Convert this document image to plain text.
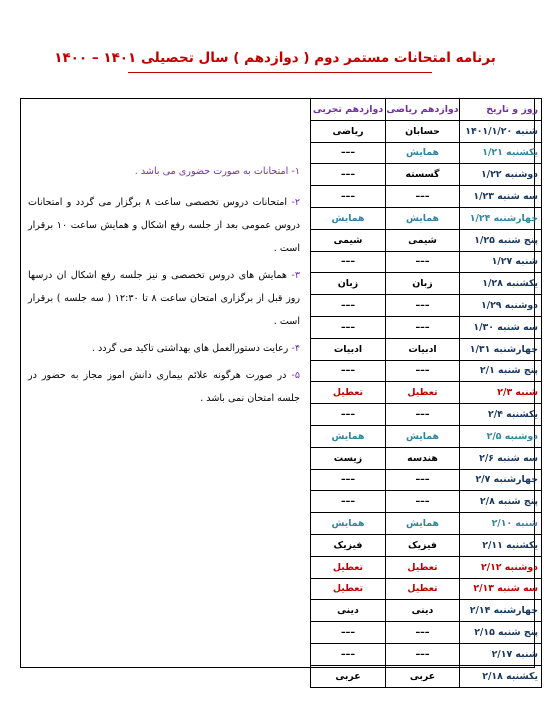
برنامه امتحانات مستمر دوم ( دوازدهم ) سال تحصیلی ۱۴۰۱ – ۱۴۰۰
روز و تاریخ	دوازدهم ریاضی	دوازدهم تجربی
شنبه ۱۴۰۱/۱/۲۰	حسابان	ریاضی
یکشنبه ۱/۲۱	همایش	–––
دوشنبه ۱/۲۲	گسسته	–––
سه شنبه ۱/۲۳	–––	–––
چهارشنبه ۱/۲۴	همایش	همایش
پنج شنبه ۱/۲۵	شیمی	شیمی
شنبه ۱/۲۷	–––	–––
یکشنبه ۱/۲۸	زبان	زبان
دوشنبه ۱/۲۹	–––	–––
سه شنبه ۱/۳۰	–––	–––
چهارشنبه ۱/۳۱	ادبیات	ادبیات
پنج شنبه ۲/۱	–––	–––
شنبه ۲/۳	تعطیل	تعطیل
یکشنبه ۲/۴	–––	–––
دوشنبه ۲/۵	همایش	همایش
سه شنبه ۲/۶	هندسه	زیست
چهارشنبه ۲/۷	–––	–––
پنج شنبه ۲/۸	–––	–––
شنبه ۲/۱۰	همایش	همایش
یکشنبه ۲/۱۱	فیزیک	فیزیک
دوشنبه ۲/۱۲	تعطیل	تعطیل
سه شنبه ۲/۱۳	تعطیل	تعطیل
چهارشنبه ۲/۱۴	دینی	دینی
پنج شنبه ۲/۱۵	–––	–––
شنبه ۲/۱۷	–––	–––
یکشنبه ۲/۱۸	عربی	عربی
۱- امتحانات به صورت حضوری می باشد .
۲- امتحانات دروس تخصصی ساعت ۸ برگزار می گردد و امتحانات دروس عمومی بعد از جلسه رفع اشکال و همایش ساعت ۱۰ برقرار است .
۳- همایش های دروس تخصصی و نیز جلسه رفع اشکال ان درسها روز قبل از برگزاری امتحان ساعت ۸ تا ۱۲:۳۰ ( سه جلسه ) برقرار است .
۴- رعایت دستورالعمل های بهداشتی تاکید می گردد .
۵- در صورت هرگونه علائم بیماری دانش اموز مجاز به حضور در جلسه امتحان نمی باشد .
